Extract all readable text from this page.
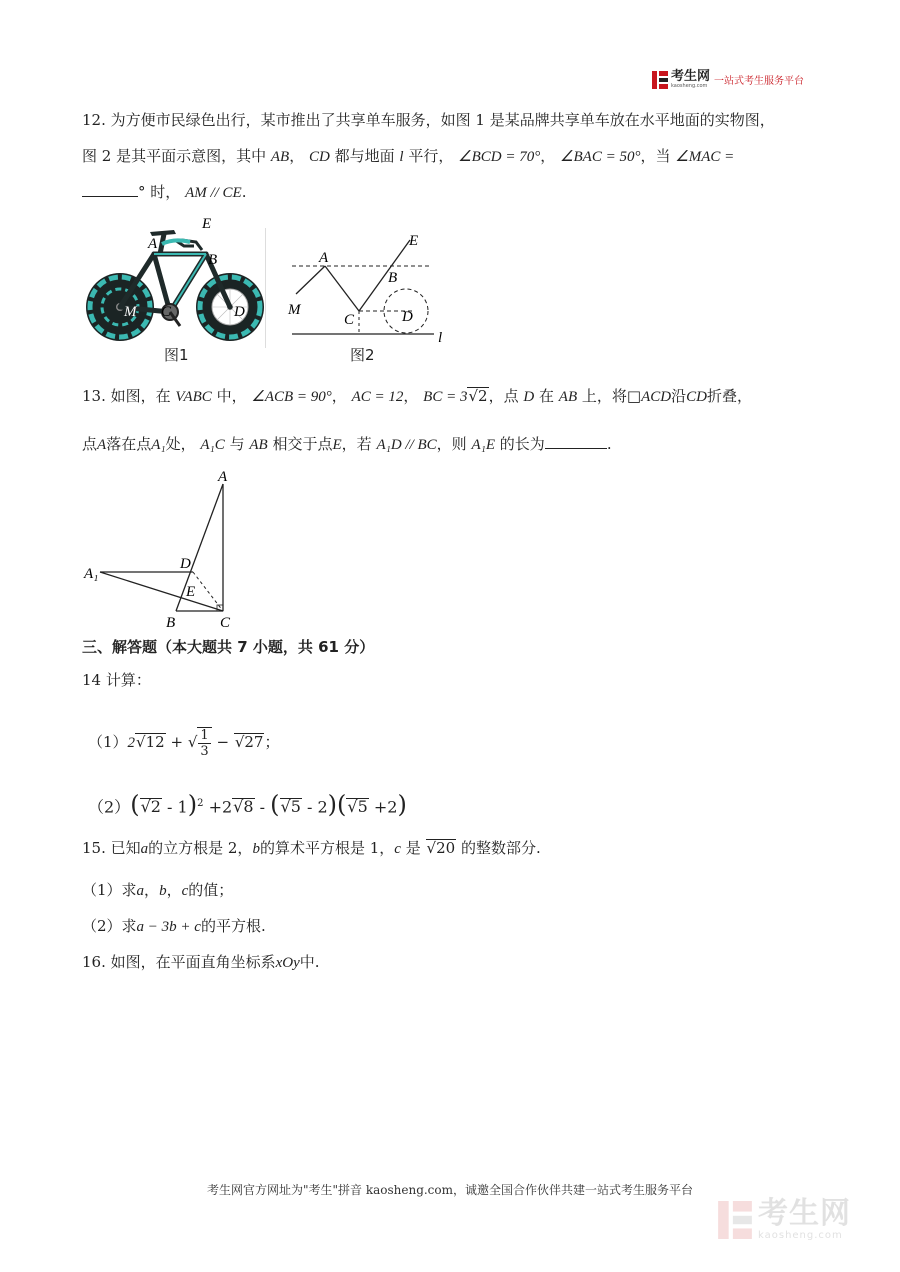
考生网
kaosheng.com 一站式考生服务平台
12. 为方便市民绿色出行，某市推出了共享单车服务，如图 1 是某品牌共享单车放在水平地面的实物图，
图 2 是其平面示意图，其中 AB， CD 都与地面 l 平行， ∠BCD = 70°， ∠BAC = 50°，当 ∠MAC =
° 时， AM // CE.
E
A
B
M C	D
图1
E
A
B
M
C	D
l
图2
13. 如图，在 VABC 中， ∠ACB = 90°， AC = 12， BC = 3√2，点 D 在 AB 上，将□ACD沿CD折叠，
点A落在点A₁处， A₁C 与 AB 相交于点E，若 A₁D // BC，则 A₁E 的长为	.
A
A₁
D
E
B	C
三、解答题（本大题共 7 小题，共 61 分）
14 计算：
（1）2√12 + √ $\frac{1}{3} - √27$；
（2）(√2 - 1)$^2$ +2√8 - (√5 - 2)(√5 +2)
15. 已知a的立方根是 2，b的算术平方根是 1，c 是 √20 的整数部分.
（1）求a，b，c的值；
（2）求a − 3b + c的平方根.
16. 如图，在平面直角坐标系xOy中.
考生网官方网址为"考生"拼音 kaosheng.com，诚邀全国合作伙伴共建一站式考生服务平台
考生网
kaosheng.com
